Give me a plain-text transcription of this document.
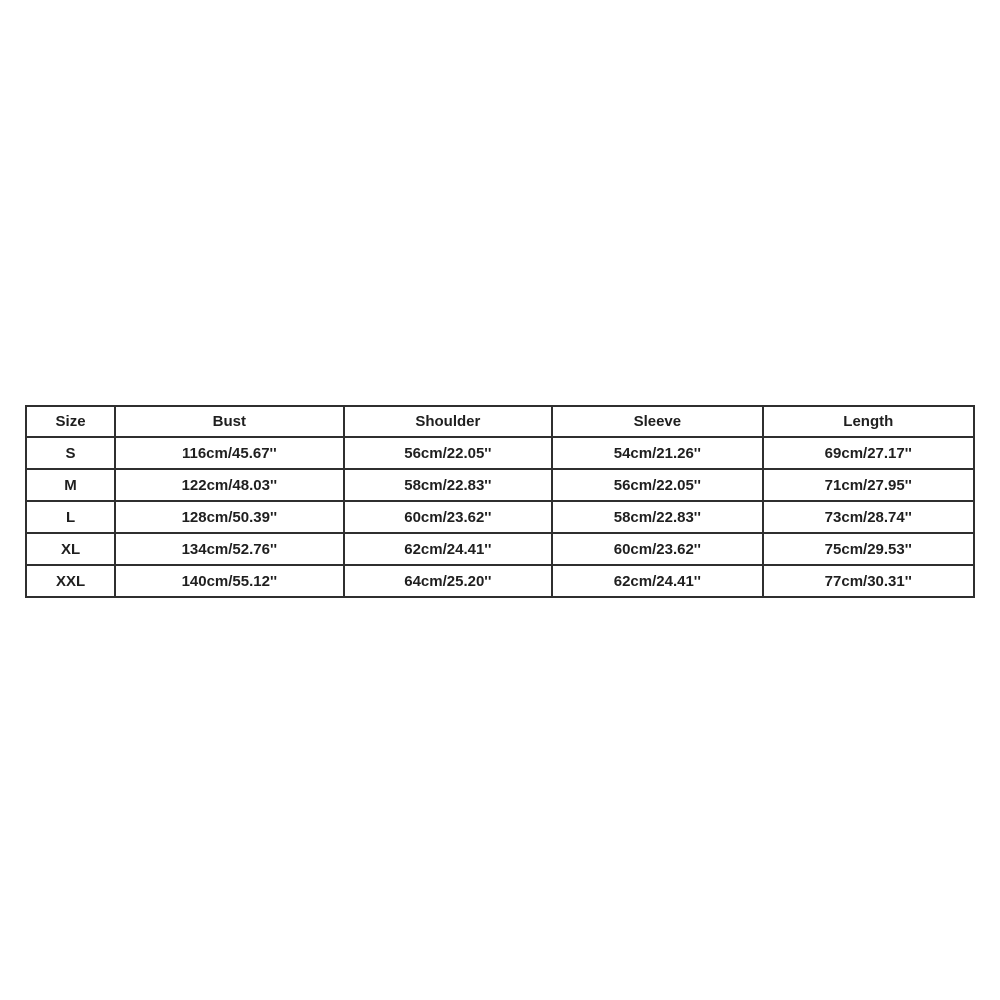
Size	Bust	Shoulder	Sleeve	Length
S	116cm/45.67''	56cm/22.05''	54cm/21.26''	69cm/27.17''
M	122cm/48.03''	58cm/22.83''	56cm/22.05''	71cm/27.95''
L	128cm/50.39''	60cm/23.62''	58cm/22.83''	73cm/28.74''
XL	134cm/52.76''	62cm/24.41''	60cm/23.62''	75cm/29.53''
XXL	140cm/55.12''	64cm/25.20''	62cm/24.41''	77cm/30.31''
